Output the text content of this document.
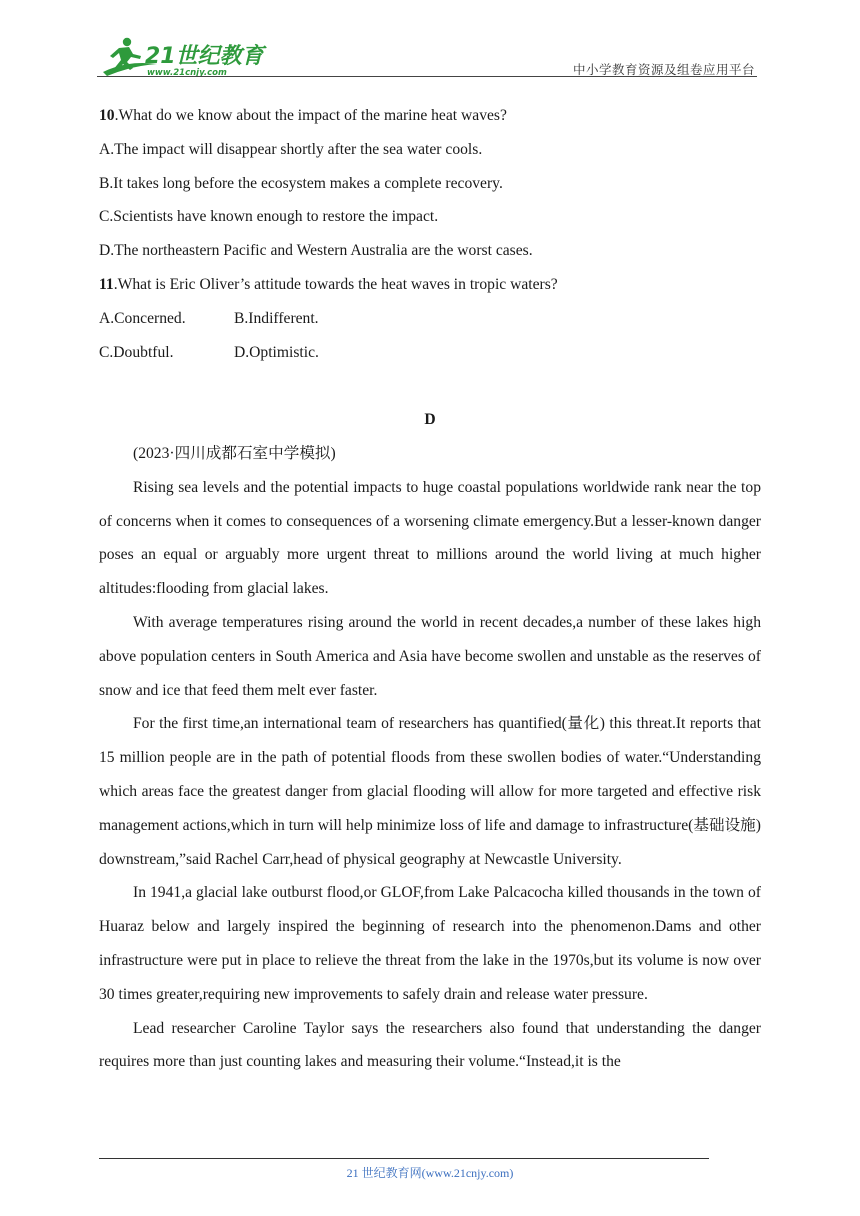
21世纪教育
www.21cnjy.com	中小学教育资源及组卷应用平台

10.What do we know about the impact of the marine heat waves?

A.The impact will disappear shortly after the sea water cools.

B.It takes long before the ecosystem makes a complete recovery.

C.Scientists have known enough to restore the impact.

D.The northeastern Pacific and Western Australia are the worst cases.

11.What is Eric Oliver’s attitude towards the heat waves in tropic waters?

A.Concerned.	B.Indifferent.

C.Doubtful.	D.Optimistic.

D

(2023·四川成都石室中学模拟)

Rising sea levels and the potential impacts to huge coastal populations worldwide rank near the top of concerns when it comes to consequences of a worsening climate emergency.But a lesser-known danger poses an equal or arguably more urgent threat to millions around the world living at much higher altitudes:flooding from glacial lakes.

With average temperatures rising around the world in recent decades,a number of these lakes high above population centers in South America and Asia have become swollen and unstable as the reserves of snow and ice that feed them melt ever faster.

For the first time,an international team of researchers has quantified(量化) this threat.It reports that 15 million people are in the path of potential floods from these swollen bodies of water.“Understanding which areas face the greatest danger from glacial flooding will allow for more targeted and effective risk management actions,which in turn will help minimize loss of life and damage to infrastructure(基础设施) downstream,”said Rachel Carr,head of physical geography at Newcastle University.

In 1941,a glacial lake outburst flood,or GLOF,from Lake Palcacocha killed thousands in the town of Huaraz below and largely inspired the beginning of research into the phenomenon.Dams and other infrastructure were put in place to relieve the threat from the lake in the 1970s,but its volume is now over 30 times greater,requiring new improvements to safely drain and release water pressure.

Lead researcher Caroline Taylor says the researchers also found that understanding the danger requires more than just counting lakes and measuring their volume.“Instead,it is the

21 世纪教育网(www.21cnjy.com)
